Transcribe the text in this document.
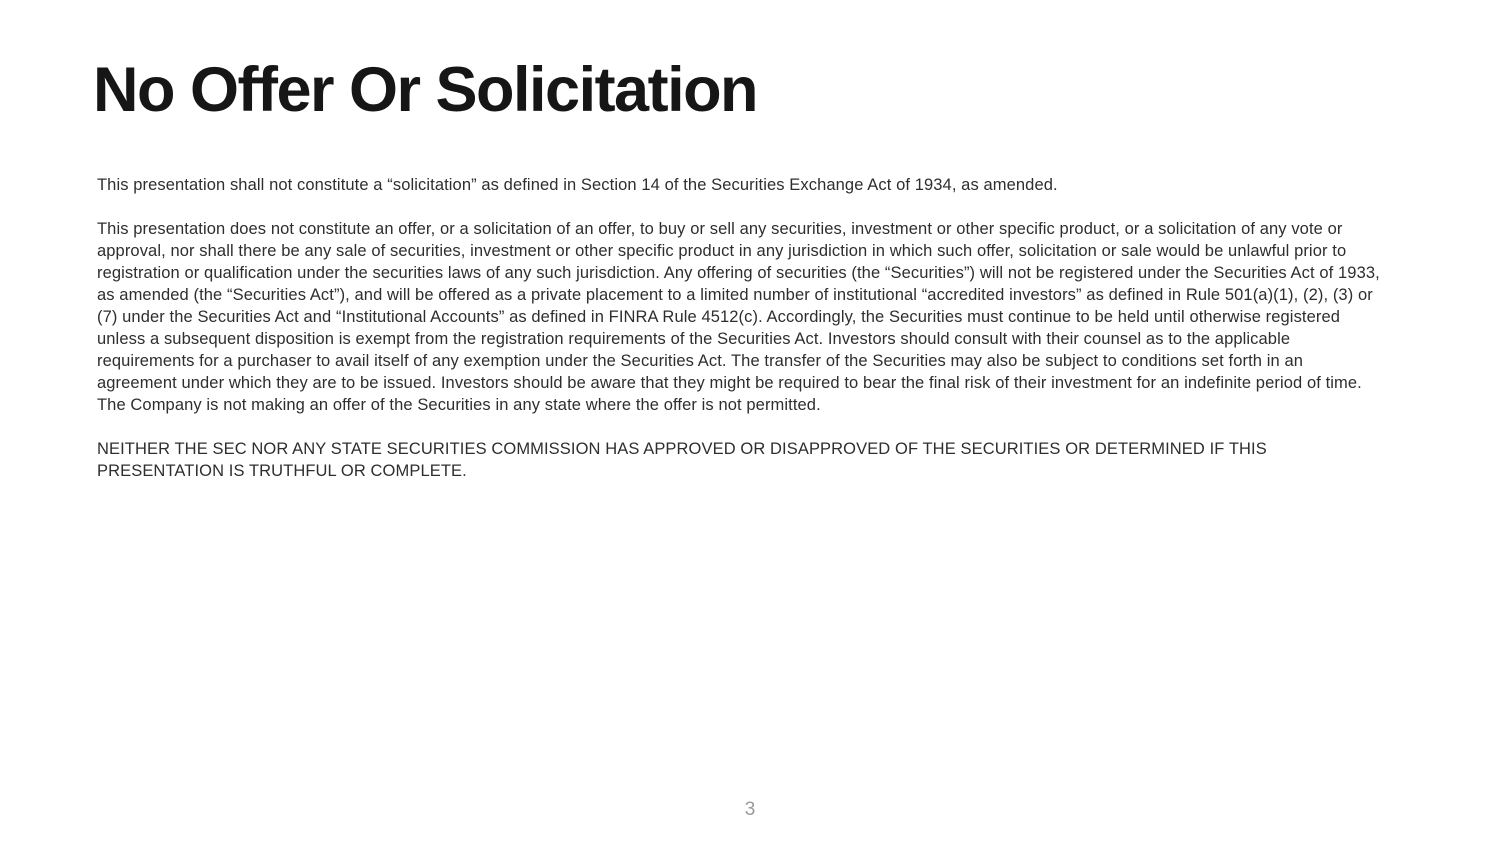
No Offer Or Solicitation

This presentation shall not constitute a “solicitation” as defined in Section 14 of the Securities Exchange Act of 1934, as amended.

This presentation does not constitute an offer, or a solicitation of an offer, to buy or sell any securities, investment or other specific product, or a solicitation of any vote or approval, nor shall there be any sale of securities, investment or other specific product in any jurisdiction in which such offer, solicitation or sale would be unlawful prior to registration or qualification under the securities laws of any such jurisdiction. Any offering of securities (the “Securities”) will not be registered under the Securities Act of 1933, as amended (the “Securities Act”), and will be offered as a private placement to a limited number of institutional “accredited investors” as defined in Rule 501(a)(1), (2), (3) or (7) under the Securities Act and “Institutional Accounts” as defined in FINRA Rule 4512(c). Accordingly, the Securities must continue to be held until otherwise registered unless a subsequent disposition is exempt from the registration requirements of the Securities Act. Investors should consult with their counsel as to the applicable requirements for a purchaser to avail itself of any exemption under the Securities Act. The transfer of the Securities may also be subject to conditions set forth in an agreement under which they are to be issued. Investors should be aware that they might be required to bear the final risk of their investment for an indefinite period of time. The Company is not making an offer of the Securities in any state where the offer is not permitted.

NEITHER THE SEC NOR ANY STATE SECURITIES COMMISSION HAS APPROVED OR DISAPPROVED OF THE SECURITIES OR DETERMINED IF THIS PRESENTATION IS TRUTHFUL OR COMPLETE.

3
